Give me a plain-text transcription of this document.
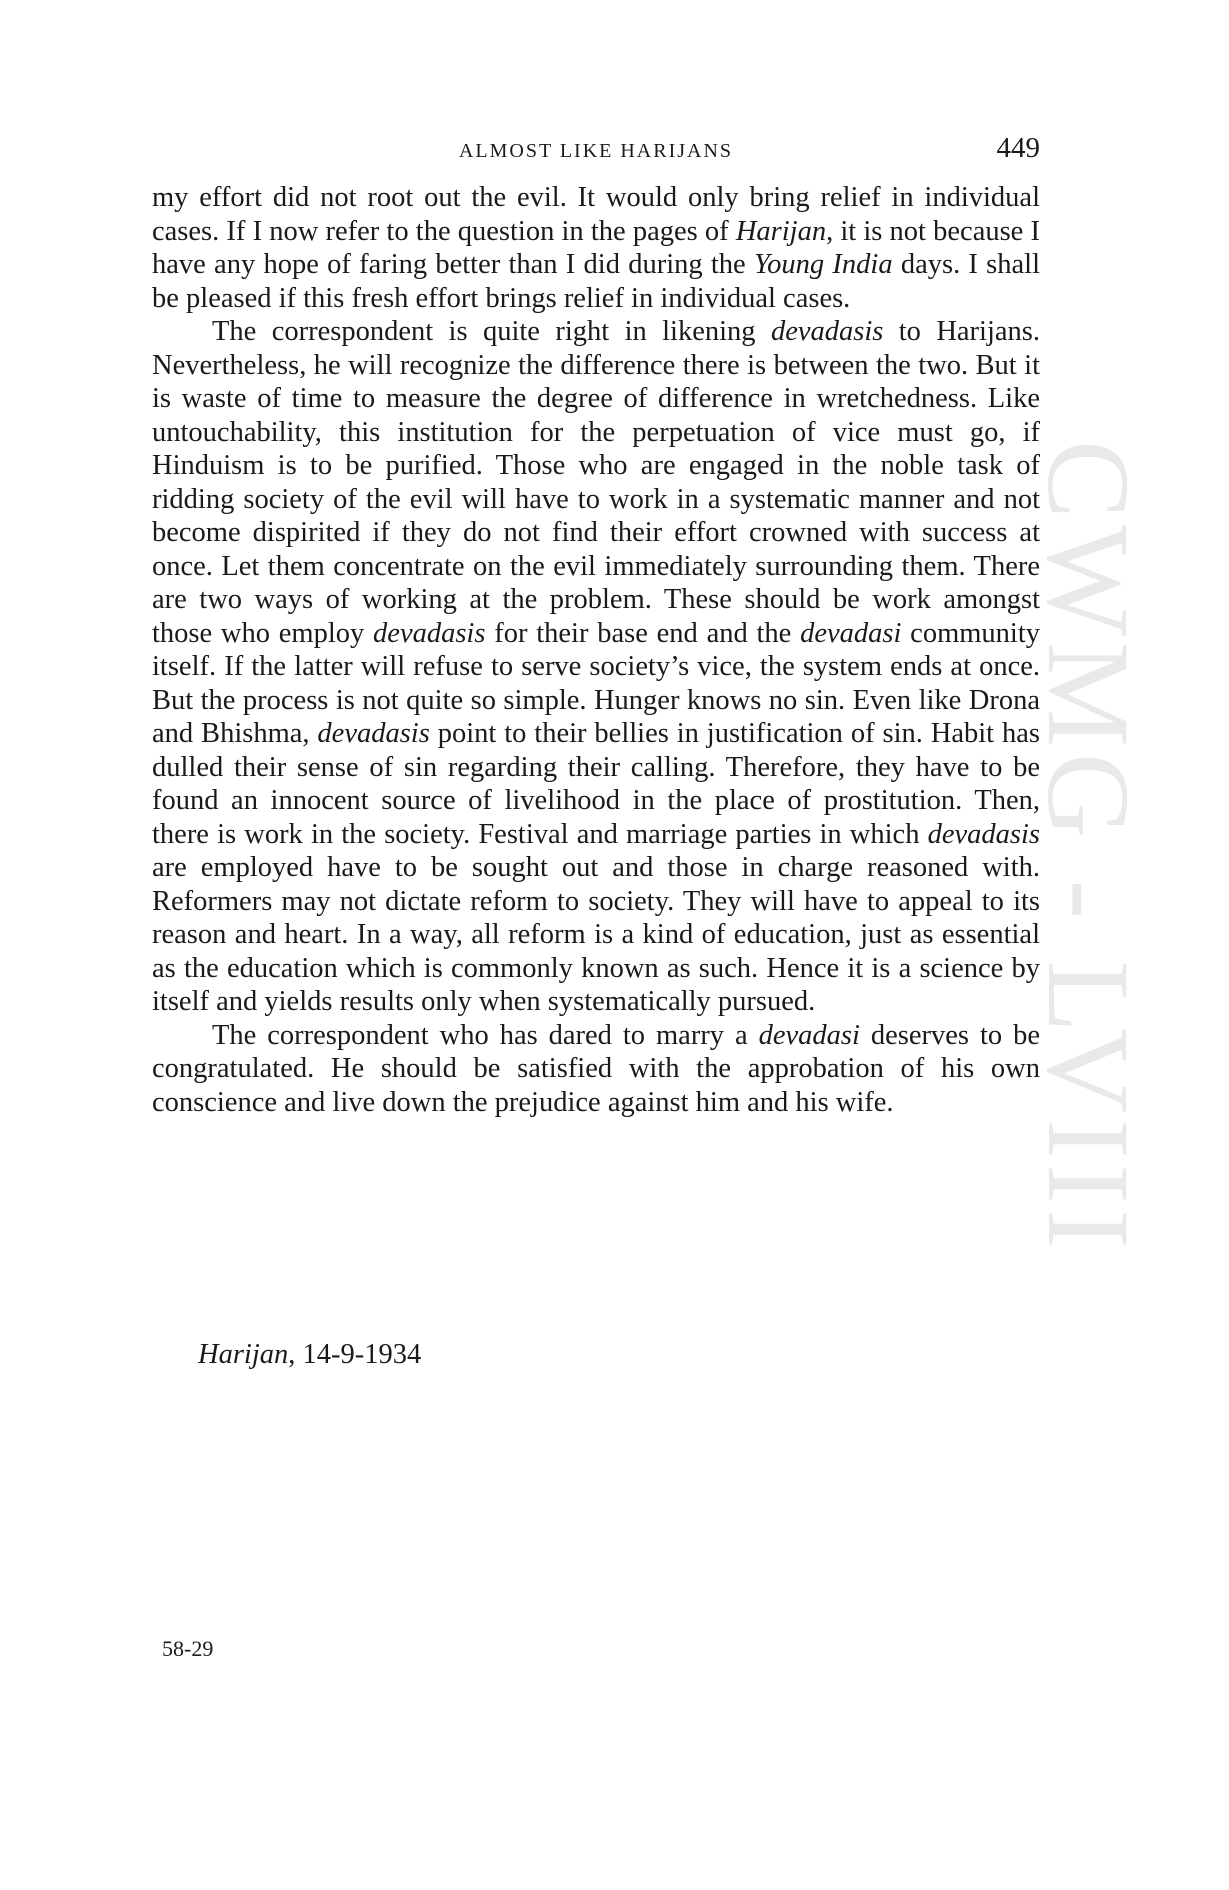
ALMOST LIKE HARIJANS	449

my effort did not root out the evil. It would only bring relief in individual cases. If I now refer to the question in the pages of Harijan, it is not because I have any hope of faring better than I did during the Young India days. I shall be pleased if this fresh effort brings relief in individual cases.

The correspondent is quite right in likening devadasis to Harijans. Nevertheless, he will recognize the difference there is between the two. But it is waste of time to measure the degree of difference in wretchedness. Like untouchability, this institution for the perpetuation of vice must go, if Hinduism is to be purified. Those who are engaged in the noble task of ridding society of the evil will have to work in a systematic manner and not become dispirited if they do not find their effort crowned with success at once. Let them concentrate on the evil immediately surrounding them. There are two ways of working at the problem. These should be work amongst those who employ devadasis for their base end and the devadasi community itself. If the latter will refuse to serve society’s vice, the system ends at once. But the process is not quite so simple. Hunger knows no sin. Even like Drona and Bhishma, devadasis point to their bellies in justification of sin. Habit has dulled their sense of sin regarding their calling. Therefore, they have to be found an innocent source of livelihood in the place of prostitution. Then, there is work in the society. Festival and marriage parties in which devadasis are employed have to be sought out and those in charge reasoned with. Reformers may not dictate reform to society. They will have to appeal to its reason and heart. In a way, all reform is a kind of education, just as essential as the education which is commonly known as such. Hence it is a science by itself and yields results only when systematically pursued.

The correspondent who has dared to marry a devadasi deserves to be congratulated. He should be satisfied with the approbation of his own conscience and live down the prejudice against him and his wife.

Harijan, 14-9-1934
58-29
CWMG - LVIII
